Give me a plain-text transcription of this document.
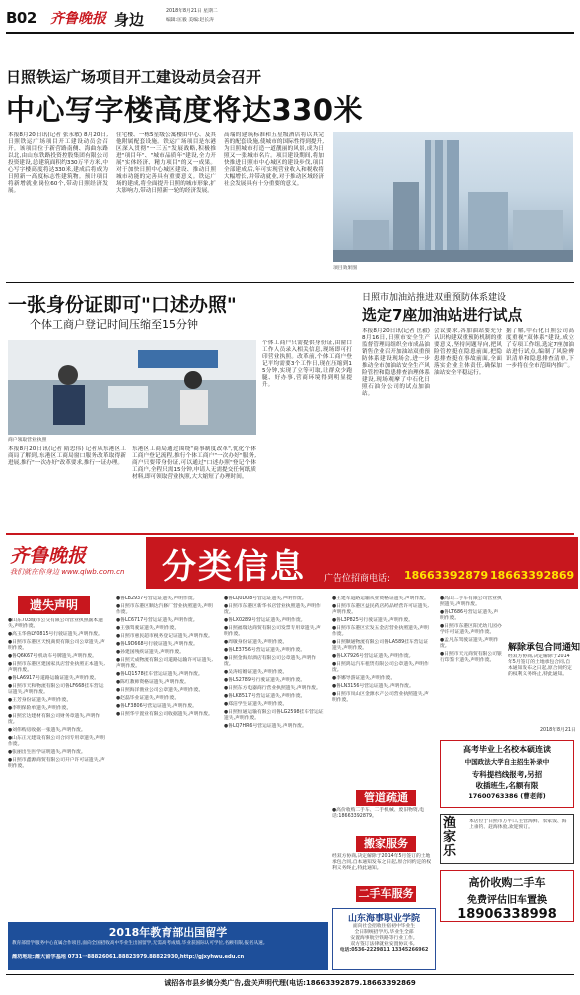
B02 齐鲁晚报 身边	2018年8月21日 星期二
编辑:匡毅 美编:赵长涛
日照铁运广场项目开工建设动员会召开
中心写字楼高度将达330米
本报8月20日讯(记者 张永敏) 8月20日,日照铁运广场项目开工建设动员会召开。该项目位于新营路南侧、海曲东路以北,由山东铁路投资控股集团有限公司投资建设,总建筑面积约330万平方米,中心写字楼高度将达330米,建成后将成为日照新一高度标志性建筑物。预计项目将新增就业岗位60个,带动日照经济发展。
住宅楼、一栋5星级公寓楼由中心、及其他附属配套设施。铁运广场项目是东港区深入贯彻"一三五"发展战略,积极推进"项目年"、"城市品质年"建设,全力开展"实体经济、精力项目"的又一成果。对于加快日照中心城区建设、推动日照城市功能的完善具有重要意义。铁运广场的建成,将全面提升日照的城市形象,扩大影响力,带动日照新一轮的经济发展。
高端的建筑标准和五星级酒店将以其完善的配套设施,使城市的国际性得到提升,为日照城市打造一道靓丽的风景,成为日照又一张城市名片。项目建设期间,将加快推进日照市中心城区的建设步伐,项目全部建成后,年可实现营业收入和税收将大幅增长,并带动就业,对于推动区域经济社会发展具有十分重要的意义。
项目效果图
一张身份证即可"口述办照"
个体工商户登记时间压缩至15分钟
商户领取营业执照
本报8月20日讯(记者 隋忠伟) 记者从东港区工商局了解到,东港区工商局窗口服务改革取得新进展,推行"一次办好"改革要求,推行一证办理。
东港区工商局通过围绕"商事制度改革",优化个体工商户登记流程,推行个体工商户"一次办好"服务,商户只要带身份证,可以通过"口述办照"登记个体工商户,全程只需15分钟,申请人无需提交任何纸质材料,即可领取营业执照,大大缩短了办理时间。
个体工商户只需提供身份证,由窗口工作人员录入相关信息,现场即可打印营业执照。改革前,个体工商户登记平均需要3个工作日,现在压缩到15分钟,实现了立等可取,让群众少跑腿、好办事,营商环境得到明显提升。
日照市加油站推进双重预防体系建设
选定7座加油站进行试点
本报8月20日讯(记者 匡毅) 8月16日,日照市安全生产监督管理局组织全市成品油销售企业召开加油站双重预防体系建设现场会,进一步推动全市加油站安全生产风险管控和隐患排查治理体系建设,现场观摩了中石化日照石油分公司的试点加油站。
会议要求,各加油站要充分认识构建双重预防机制的重要意义,坚持问题导向,把风险管控挺在隐患前面,把隐患排查挺在事故前面,全面落实企业主体责任,确保加油站安全平稳运行。
据了解,中石化日照公司高度重视"双体系"建设,成立了专项工作组,选定7座加油站进行试点,编制了风险辨识清单和隐患排查清单,下一步将在全市范围内推广。
齐鲁晚报
我们就在你身边 www.qlwb.com.cn 分类信息 广告位招商电话: 18663392879 18663392869
遗失声明
●山东703城市公交有限公司营业执照副本遗失,声明作废。
●高玉华鲁LY0815号行驶证遗失,声明作废。
●日照市东港区天悦商贸有限公司公章遗失,声明作废。
●鲁Q6K67号机动车号牌遗失,声明作废。
●日照市东港区建国家具店营业执照正本遗失,声明作废。
●鲁LA6917号道路运输证遗失,声明作废。
●日照市天和物流有限公司鲁LF668挂车营运证遗失,声明作废。
●王芳身份证遗失,声明作废。
●李明保险单遗失,声明作废。
●日照宏达建材有限公司财务章遗失,声明作废。
●刘伟购房收据一张遗失,声明作废。
●山东正元建设有限公司合同专用章遗失,声明作废。
●张丽出生医学证明遗失,声明作废。
●日照市鑫源商贸有限公司开户许可证遗失,声明作废。
●鲁LB2937号营运证遗失,声明作废。
●日照市东港区顺达汽修厂营业执照遗失,声明作废。
●鲁LC6717号营运证遗失,声明作废。
●王强驾驶证遗失,声明作废。
●日照市惠民超市税务登记证遗失,声明作废。
●鲁L9D668号行驶证遗失,声明作废。
●孙建国残疾证遗失,声明作废。
●日照天成物流有限公司道路运输许可证遗失,声明作废。
●鲁LQ1578挂车营运证遗失,声明作废。
●陈红教师资格证遗失,声明作废。
●日照海洋渔业公司公章遗失,声明作废。
●赵磊毕业证遗失,声明作废。
●鲁LF3806号营运证遗失,声明作废。
●日照华宇置业有限公司收据遗失,声明作废。
●鲁LQ0D08号营运证遗失,声明作废。
●日照市东港区新华书店营业执照遗失,声明作废。
●鲁LX0289号营运证遗失,声明作废。
●日照福瑞达商贸有限公司发票专用章遗失,声明作废。
●周敏身份证遗失,声明作废。
●鲁LE3756号营运证遗失,声明作废。
●日照金海岸酒店有限公司公章遗失,声明作废。
●吴涛结婚证遗失,声明作废。
●鲁LS2789号行驶证遗失,声明作废。
●日照东方电器商行营业执照遗失,声明作废。
●鲁LK8517号营运证遗失,声明作废。
●郑洁学生证遗失,声明作废。
●日照恒通运输有限公司鲁LG2598挂车营运证遗失,声明作废。
●鲁LQ7HR6号营运证遗失,声明作废。
●王建军道路运输从业资格证遗失,声明作废。
●日照市东港区益民药店药品经营许可证遗失,声明作废。
●鲁L3P825号行驶证遗失,声明作废。
●日照市东港区宏发五金店营业执照遗失,声明作废。
●日照顺通物流有限公司鲁LA589挂车营运证遗失,声明作废。
●鲁LX7926号营运证遗失,声明作废。
●日照鸿运汽车租赁有限公司公章遗失,声明作废。
●李娜导游证遗失,声明作废。
●鲁LN3156号营运证遗失,声明作废。
●日照市岚山区金源水产公司营业执照遗失,声明作废。
●高山二手车有限公司营业执照遗失,声明作废。
●鲁LT686号营运证遗失,声明作废。
●日照市东港区阳光幼儿园办学许可证遗失,声明作废。
●孟凡东驾驶证遗失,声明作废。
●日照市天元商贸有限公司银行印鉴卡遗失,声明作废。
管道疏通
●高价收购二手车、二手机械、废旧物资,电话:18663392879。
搬家服务
经双方协商,决定解除于2014年5月签订的土地承包合同,自本通知发布之日起,原合同约定的权利义务终止,特此通知。
二手车服务
解除承包合同通知
经双方协商,决定解除于2014年5月签订的土地承包合同,自本通知发布之日起,原合同约定的权利义务终止,特此通知。
2018年8月21日
高考毕业上名校本硕连读
中国政法大学自主招生补录中
专科提档线报考,另招
收插班生,名额有限
17600763386 (曹老师)
渔家乐
本店位于日照市万平口,主营海鲜、农家饭、海上垂钓、赶海体验,欢迎预订。
高价收购二手车
免费评估旧车置换
18906338998
山东海事职业学院
面向社会招收住宿初中毕业生
全日制统招学历,毕业生全部
安置海事航空铁路等行业工作。
双方签订法律就业安置协议书。
电话:0536-2229811 13345266962
2018年教育部出国留学
教育部留学服务中心直属合作项目,面向全国招收高中毕业生出国留学,无需高考成绩,毕业获国际认可学位,名额有限,报名从速。
潍坊地址:潍大留学基地 0731一88826061.88823979.88822930,http://gjxyhwu.edu.cn
诚招各市县乡镇分类广告,盘关声明代理(电话:18663392879.18663392869
